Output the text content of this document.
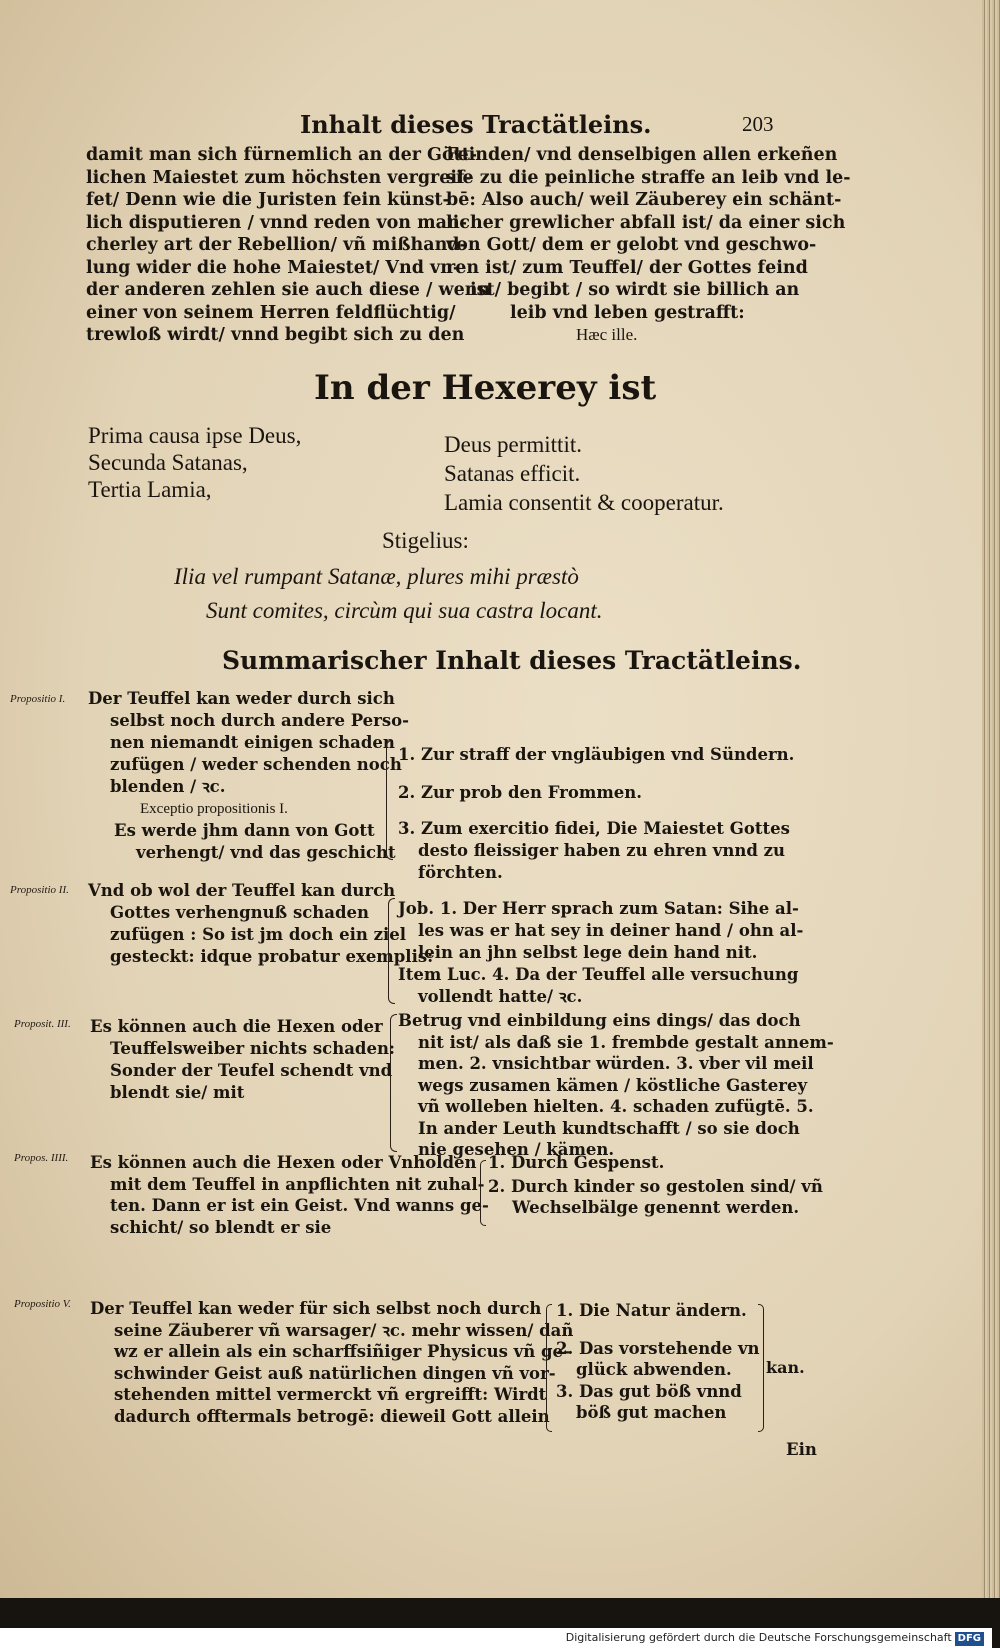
Inhalt dieses Tractätleins.	203
damit man sich fürnemlich an der Gött-
lichen Maiestet zum höchsten vergreif-
fet/ Denn wie die Juristen fein künst-
lich disputieren / vnnd reden von man-
cherley art der Rebellion/ vñ mißhand-
lung wider die hohe Maiestet/ Vnd vn-
der anderen zehlen sie auch diese / wenn
einer von seinem Herren feldflüchtig/
trewloß wirdt/ vnnd begibt sich zu den
Feinden/ vnd denselbigen allen erkeñen
sie zu die peinliche straffe an leib vnd le-
bē: Also auch/ weil Zäuberey ein schänt-
licher grewlicher abfall ist/ da einer sich
von Gott/ dem er gelobt vnd geschwo-
ren ist/ zum Teuffel/ der Gottes feind
ist/ begibt / so wirdt sie billich an
leib vnd leben gestrafft:
Hæc ille.
In der Hexerey ist
Prima causa ipse Deus,
Secunda Satanas,
Tertia Lamia,
Deus permittit.
Satanas efficit.
Lamia consentit & cooperatur.
Stigelius:
Ilia vel rumpant Satanæ, plures mihi præstò
Sunt comites, circùm qui sua castra locant.
Summarischer Inhalt dieses Tractätleins.
Propositio I. Der Teuffel kan weder durch sich
selbst noch durch andere Perso-
nen niemandt einigen schaden
zufügen / weder schenden noch
blenden / ꝛc.
Exceptio propositionis I.
Es werde jhm dann von Gott
verhengt/ vnd das geschicht
1. Zur straff der vngläubigen vnd Sündern.
2. Zur prob den Frommen.
3. Zum exercitio fidei, Die Maiestet Gottes
desto fleissiger haben zu ehren vnnd zu
förchten.
Propositio II. Vnd ob wol der Teuffel kan durch
Gottes verhengnuß schaden
zufügen : So ist jm doch ein ziel
gesteckt: idque probatur exemplis:
Job. 1. Der Herr sprach zum Satan: Sihe al-
les was er hat sey in deiner hand / ohn al-
lein an jhn selbst lege dein hand nit.
Item Luc. 4. Da der Teuffel alle versuchung
vollendt hatte/ ꝛc.
Proposit. III. Es können auch die Hexen oder
Teuffelsweiber nichts schaden:
Sonder der Teufel schendt vnd
blendt sie/ mit
Betrug vnd einbildung eins dings/ das doch
nit ist/ als daß sie 1. frembde gestalt annem-
men. 2. vnsichtbar würden. 3. vber vil meil
wegs zusamen kämen / köstliche Gasterey
vñ wolleben hielten. 4. schaden zufügtē. 5.
In ander Leuth kundtschafft / so sie doch
nie gesehen / kämen.
Propos. IIII. Es können auch die Hexen oder Vnholden
mit dem Teuffel in anpflichten nit zuhal-
ten. Dann er ist ein Geist. Vnd wanns ge-
schicht/ so blendt er sie
1. Durch Gespenst.
2. Durch kinder so gestolen sind/ vñ
Wechselbälge genennt werden.
Propositio V. Der Teuffel kan weder für sich selbst noch durch
seine Zäuberer vñ warsager/ ꝛc. mehr wissen/ dañ
wz er allein als ein scharffsiñiger Physicus vñ ge-
schwinder Geist auß natürlichen dingen vñ vor-
stehenden mittel vermerckt vñ ergreifft: Wirdt
dadurch offtermals betrogē: dieweil Gott allein
1. Die Natur ändern.
2. Das vorstehende vn
glück abwenden.
3. Das gut böß vnnd
böß gut machen
kan.
Ein
Digitalisierung gefördert durch die Deutsche Forschungsgemeinschaft DFG
